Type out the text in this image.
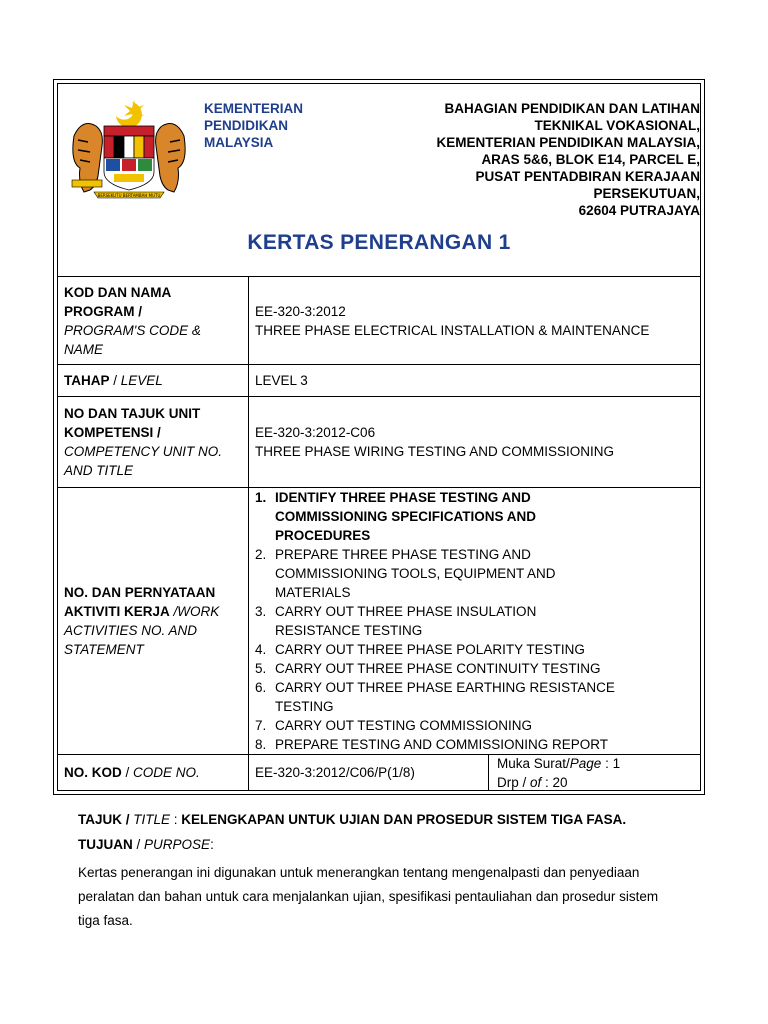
BERSEKUTU BERTAMBAH MUTU
KEMENTERIAN
PENDIDIKAN
MALAYSIA
BAHAGIAN PENDIDIKAN DAN LATIHAN
TEKNIKAL VOKASIONAL,
KEMENTERIAN PENDIDIKAN MALAYSIA,
ARAS 5&6, BLOK E14, PARCEL E,
PUSAT PENTADBIRAN KERAJAAN
PERSEKUTUAN,
62604 PUTRAJAYA
KERTAS PENERANGAN 1
KOD DAN NAMA
PROGRAM /
PROGRAM'S CODE &
NAME
EE-320-3:2012
THREE PHASE ELECTRICAL INSTALLATION & MAINTENANCE
TAHAP / LEVEL	LEVEL 3
NO DAN TAJUK UNIT
KOMPETENSI /
COMPETENCY UNIT NO.
AND TITLE
EE-320-3:2012-C06
THREE PHASE WIRING TESTING AND COMMISSIONING
NO. DAN PERNYATAAN
AKTIVITI KERJA /WORK
ACTIVITIES NO. AND
STATEMENT
1. IDENTIFY THREE PHASE TESTING AND
COMMISSIONING SPECIFICATIONS AND
PROCEDURES
2. PREPARE THREE PHASE TESTING AND
COMMISSIONING TOOLS, EQUIPMENT AND
MATERIALS
3. CARRY OUT THREE PHASE INSULATION
RESISTANCE TESTING
4. CARRY OUT THREE PHASE POLARITY TESTING
5. CARRY OUT THREE PHASE CONTINUITY TESTING
6. CARRY OUT THREE PHASE EARTHING RESISTANCE
TESTING
7. CARRY OUT TESTING COMMISSIONING
8. PREPARE TESTING AND COMMISSIONING REPORT
NO. KOD / CODE NO.	EE-320-3:2012/C06/P(1/8)
Muka Surat/Page : 1
Drp / of : 20
TAJUK / TITLE : KELENGKAPAN UNTUK UJIAN DAN PROSEDUR SISTEM TIGA FASA.
TUJUAN / PURPOSE:
Kertas penerangan ini digunakan untuk menerangkan tentang mengenalpasti dan penyediaan
peralatan dan bahan untuk cara menjalankan ujian, spesifikasi pentauliahan dan prosedur sistem
tiga fasa.
